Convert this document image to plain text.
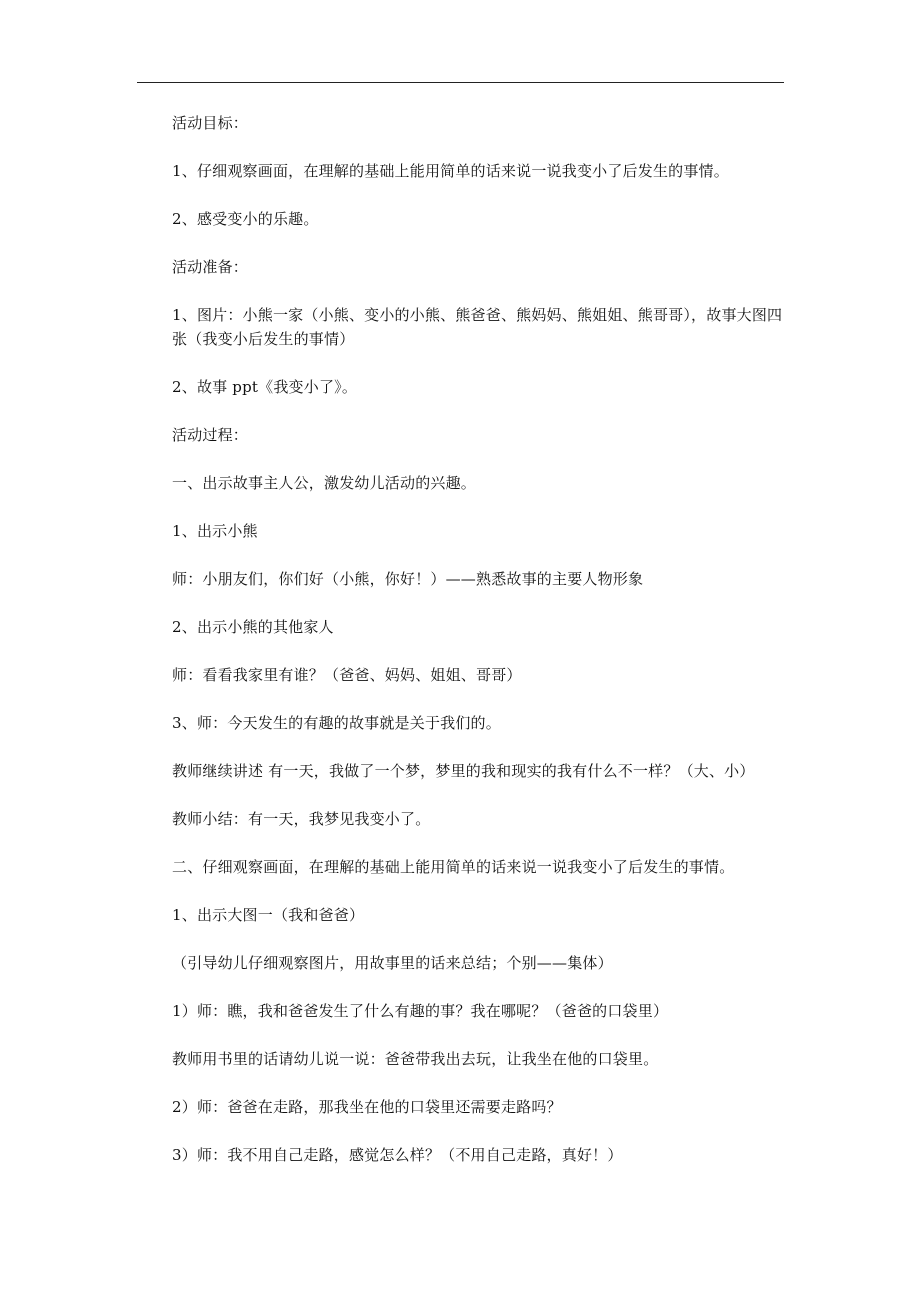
活动目标：

1、仔细观察画面，在理解的基础上能用简单的话来说一说我变小了后发生的事情。

2、感受变小的乐趣。

活动准备：

1、图片：小熊一家（小熊、变小的小熊、熊爸爸、熊妈妈、熊姐姐、熊哥哥），故事大图四张（我变小后发生的事情）

2、故事 ppt《我变小了》。

活动过程：

一、出示故事主人公，激发幼儿活动的兴趣。

1、出示小熊

师：小朋友们，你们好（小熊，你好！）——熟悉故事的主要人物形象

2、出示小熊的其他家人

师：看看我家里有谁？（爸爸、妈妈、姐姐、哥哥）

3、师：今天发生的有趣的故事就是关于我们的。

教师继续讲述 有一天，我做了一个梦，梦里的我和现实的我有什么不一样？（大、小）

教师小结：有一天，我梦见我变小了。

二、仔细观察画面，在理解的基础上能用简单的话来说一说我变小了后发生的事情。

1、出示大图一（我和爸爸）

（引导幼儿仔细观察图片，用故事里的话来总结；个别——集体）

1）师：瞧，我和爸爸发生了什么有趣的事？我在哪呢？（爸爸的口袋里）

教师用书里的话请幼儿说一说：爸爸带我出去玩，让我坐在他的口袋里。

2）师：爸爸在走路，那我坐在他的口袋里还需要走路吗？

3）师：我不用自己走路，感觉怎么样？（不用自己走路，真好！）
